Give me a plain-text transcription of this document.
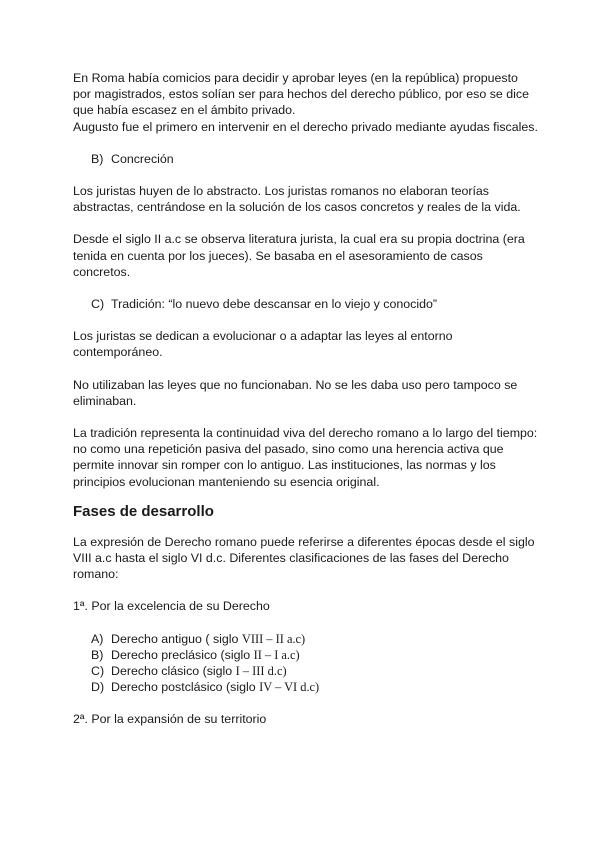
En Roma había comicios para decidir y aprobar leyes (en la república) propuesto
por magistrados, estos solían ser para hechos del derecho público, por eso se dice
que había escasez en el ámbito privado.
Augusto fue el primero en intervenir en el derecho privado mediante ayudas fiscales.

B) Concreción

Los juristas huyen de lo abstracto. Los juristas romanos no elaboran teorías
abstractas, centrándose en la solución de los casos concretos y reales de la vida.

Desde el siglo II a.c se observa literatura jurista, la cual era su propia doctrina (era
tenida en cuenta por los jueces). Se basaba en el asesoramiento de casos
concretos.

C) Tradición: “lo nuevo debe descansar en lo viejo y conocido”

Los juristas se dedican a evolucionar o a adaptar las leyes al entorno
contemporáneo.

No utilizaban las leyes que no funcionaban. No se les daba uso pero tampoco se
eliminaban.

La tradición representa la continuidad viva del derecho romano a lo largo del tiempo:
no como una repetición pasiva del pasado, sino como una herencia activa que
permite innovar sin romper con lo antiguo. Las instituciones, las normas y los
principios evolucionan manteniendo su esencia original.

Fases de desarrollo

La expresión de Derecho romano puede referirse a diferentes épocas desde el siglo
VIII a.c hasta el siglo VI d.c. Diferentes clasificaciones de las fases del Derecho
romano:

1ª. Por la excelencia de su Derecho

A) Derecho antiguo ( siglo VIII – II a.c)
B) Derecho preclásico (siglo II – I a.c)
C) Derecho clásico (siglo I – III d.c)
D) Derecho postclásico (siglo IV – VI d.c)

2ª. Por la expansión de su territorio
